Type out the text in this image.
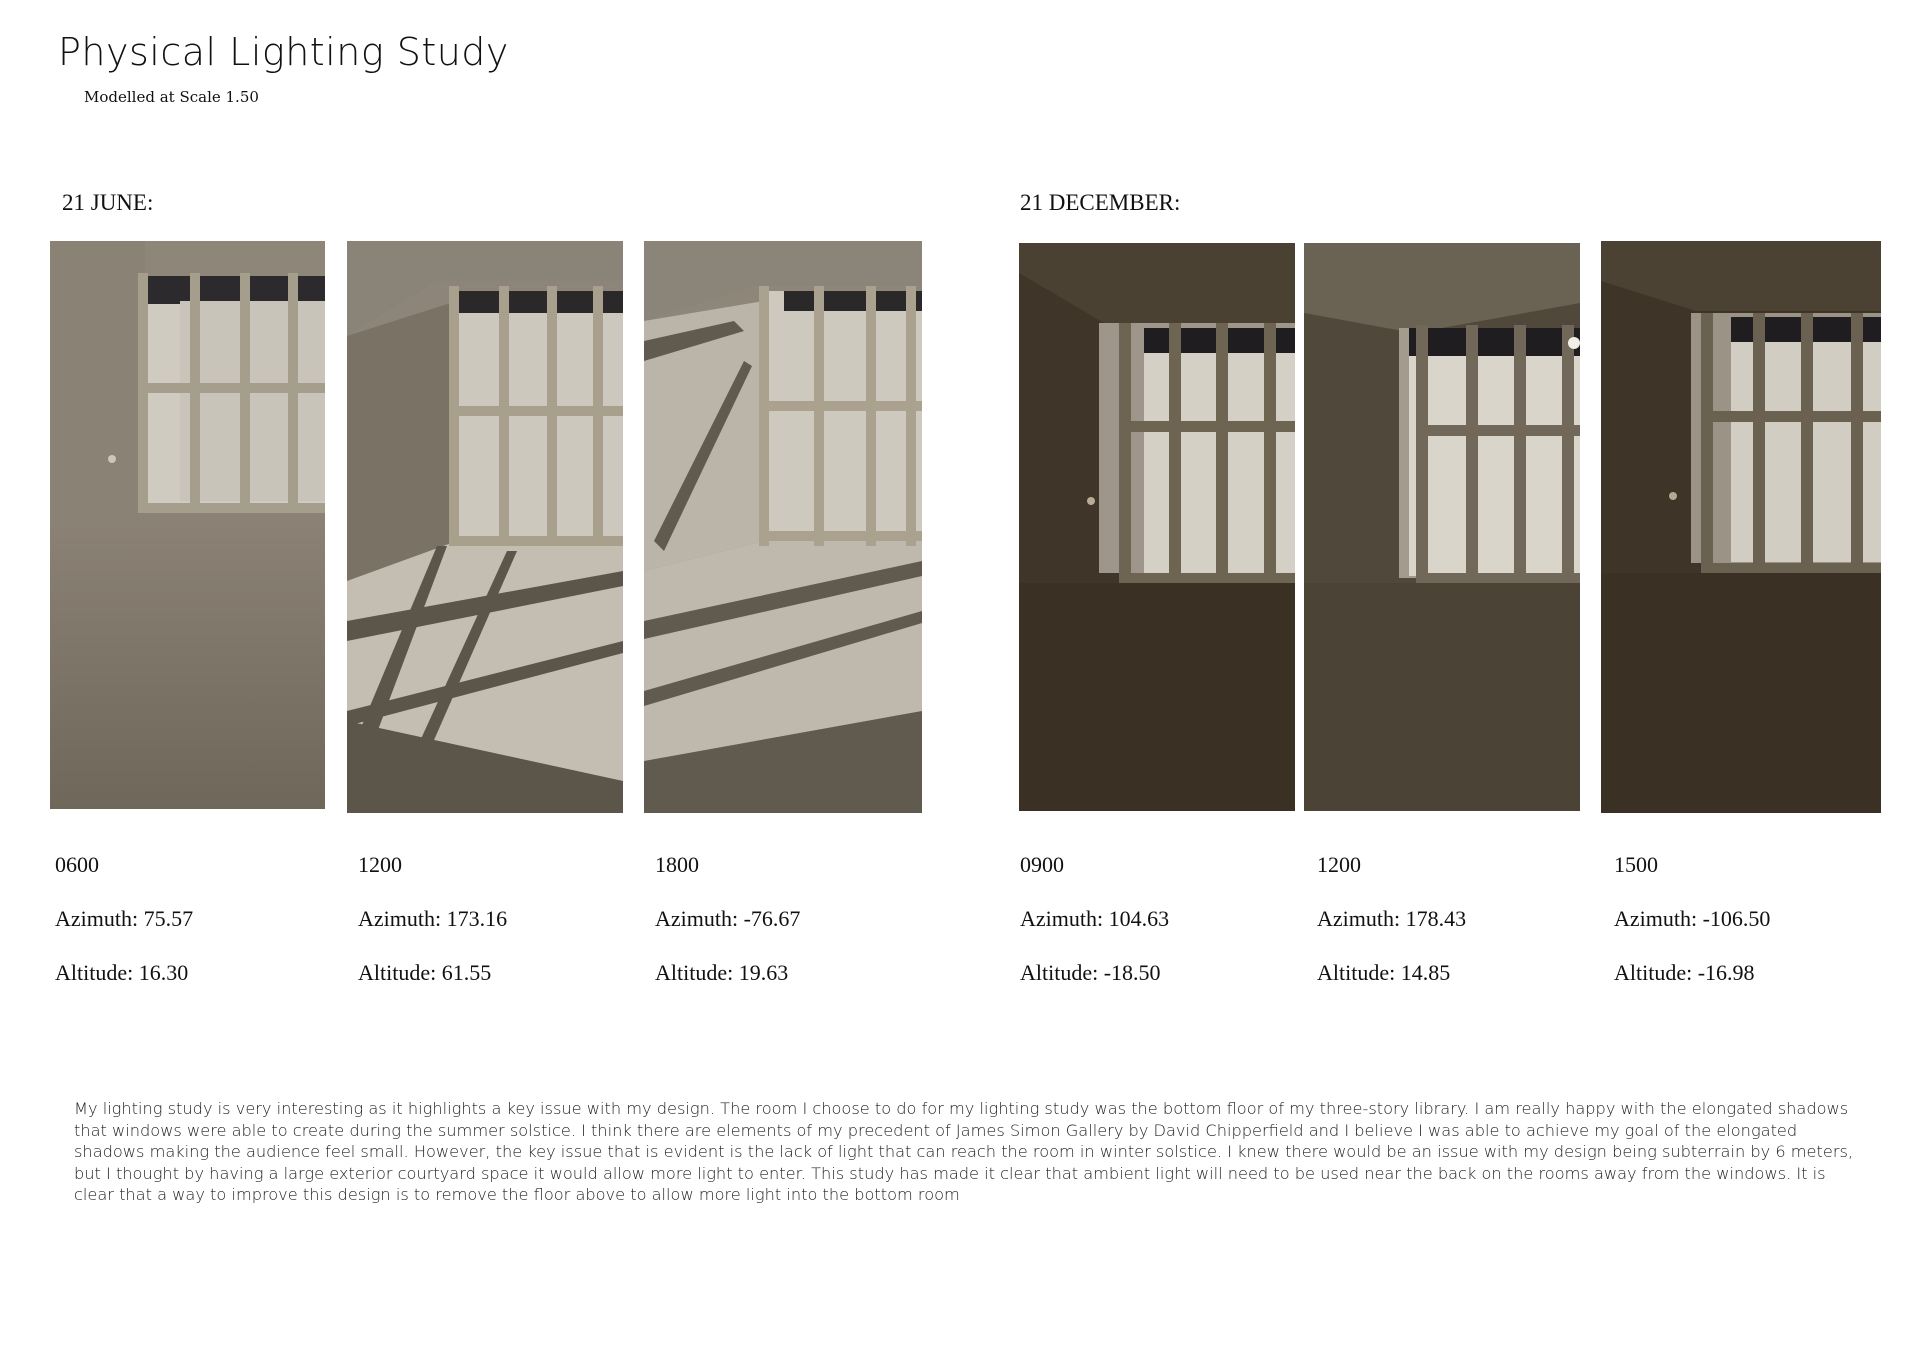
Physical Lighting Study
Modelled at Scale 1.50
21 JUNE:	21 DECEMBER:
0600
Azimuth: 75.57
Altitude: 16.30
1200
Azimuth: 173.16
Altitude: 61.55
1800
Azimuth: -76.67
Altitude: 19.63
0900
Azimuth: 104.63
Altitude: -18.50
1200
Azimuth: 178.43
Altitude: 14.85
1500
Azimuth: -106.50
Altitude: -16.98
My lighting study is very interesting as it highlights a key issue with my design. The room I choose to do for my lighting study was the bottom floor of my three-story library. I am really happy with the elongated shadows that windows were able to create during the summer solstice. I think there are elements of my precedent of James Simon Gallery by David Chipperfield and I believe I was able to achieve my goal of the elongated shadows making the audience feel small. However, the key issue that is evident is the lack of light that can reach the room in winter solstice. I knew there would be an issue with my design being subterrain by 6 meters, but I thought by having a large exterior courtyard space it would allow more light to enter. This study has made it clear that ambient light will need to be used near the back on the rooms away from the windows. It is clear that a way to improve this design is to remove the floor above to allow more light into the bottom room
